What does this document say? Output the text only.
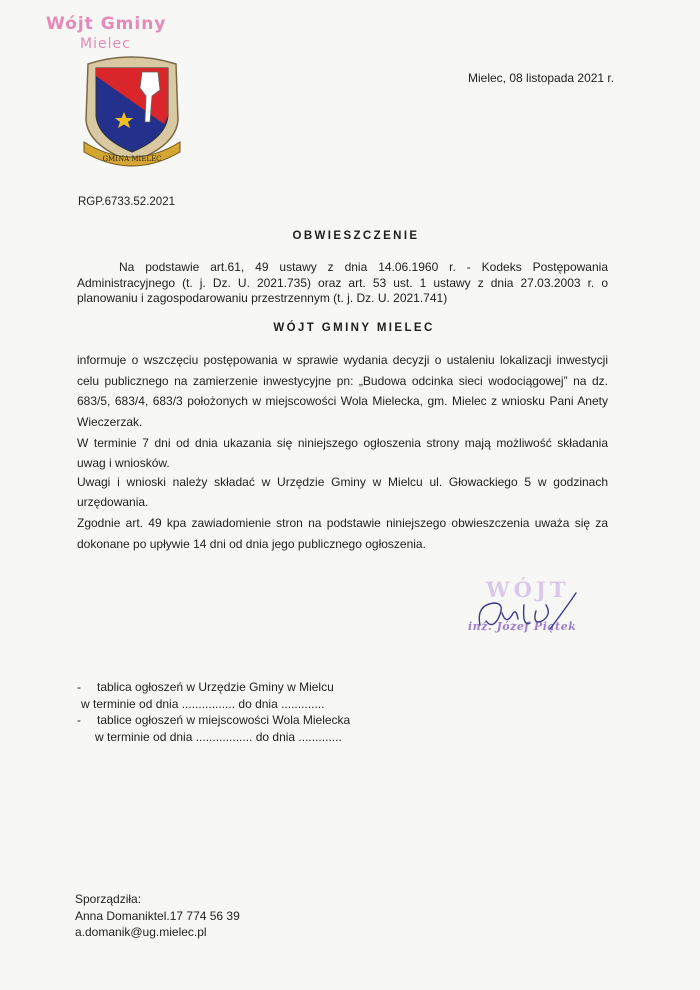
Wójt Gminy
Mielec
GMINA MIELEC
Mielec, 08 listopada 2021 r.
RGP.6733.52.2021
OBWIESZCZENIE
Na podstawie art.61, 49 ustawy z dnia 14.06.1960 r. - Kodeks Postępowania Administracyjnego (t. j. Dz. U. 2021.735) oraz art. 53 ust. 1 ustawy z dnia 27.03.2003 r. o planowaniu i zagospodarowaniu przestrzennym (t. j. Dz. U. 2021.741)
WÓJT GMINY MIELEC
informuje o wszczęciu postępowania w sprawie wydania decyzji o ustaleniu lokalizacji inwestycji celu publicznego na zamierzenie inwestycyjne pn: „Budowa odcinka sieci wodociągowej” na dz. 683/5, 683/4, 683/3 położonych w miejscowości Wola Mielecka, gm. Mielec z wniosku Pani Anety Wieczerzak.
W terminie 7 dni od dnia ukazania się niniejszego ogłoszenia strony mają możliwość składania uwag i wniosków.
Uwagi i wnioski należy składać w Urzędzie Gminy w Mielcu ul. Głowackiego 5 w godzinach urzędowania.
Zgodnie art. 49 kpa zawiadomienie stron na podstawie niniejszego obwieszczenia uważa się za dokonane po upływie 14 dni od dnia jego publicznego ogłoszenia.
WÓJT
inż. Józef Piątek
- tablica ogłoszeń w Urzędzie Gminy w Mielcu
w terminie od dnia ................ do dnia .............
- tablice ogłoszeń w miejscowości Wola Mielecka
w terminie od dnia ................. do dnia .............
Sporządziła:
Anna Domaniktel.17 774 56 39
a.domanik@ug.mielec.pl
